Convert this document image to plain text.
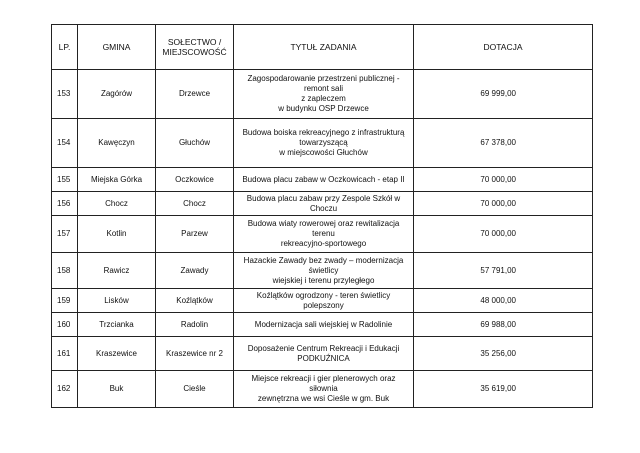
LP.	GMINA	SOŁECTWO /
MIEJSCOWOŚĆ	TYTUŁ ZADANIA	DOTACJA
153	Zagórów	Drzewce	Zagospodarowanie przestrzeni publicznej - remont sali
z zapleczem
w budynku OSP Drzewce	69 999,00
154	Kawęczyn	Głuchów	Budowa boiska rekreacyjnego z infrastrukturą
towarzyszącą
w miejscowości Głuchów	67 378,00
155	Miejska Górka	Oczkowice	Budowa placu zabaw w Oczkowicach - etap II	70 000,00
156	Chocz	Chocz	Budowa placu zabaw przy Zespole Szkół w Choczu	70 000,00
157	Kotlin	Parzew	Budowa wiaty rowerowej oraz rewitalizacja terenu
rekreacyjno-sportowego	70 000,00
158	Rawicz	Zawady	Hazackie Zawady bez zwady – modernizacja świetlicy
wiejskiej i terenu przyległego	57 791,00
159	Lisków	Koźlątków	Koźlątków ogrodzony - teren świetlicy polepszony	48 000,00
160	Trzcianka	Radolin	Modernizacja sali wiejskiej w Radolinie	69 988,00
161	Kraszewice	Kraszewice nr 2	Doposażenie Centrum Rekreacji i Edukacji
PODKUŹNICA	35 256,00
162	Buk	Cieśle	Miejsce rekreacji i gier plenerowych oraz siłownia
zewnętrzna we wsi Cieśle w gm. Buk	35 619,00
